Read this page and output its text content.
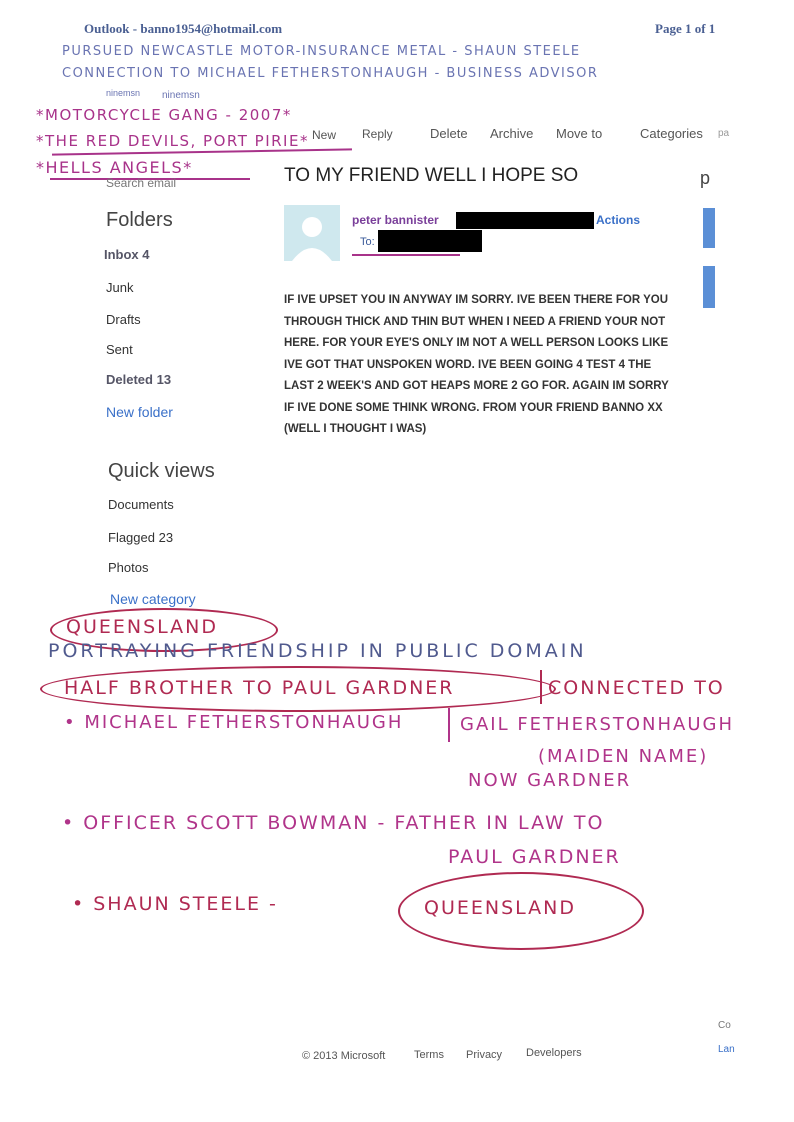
Outlook - banno1954@hotmail.com	Page 1 of 1
PURSUED NEWCASTLE MOTOR-INSURANCE METAL - SHAUN STEELE
CONNECTION TO MICHAEL FETHERSTONHAUGH - BUSINESS ADVISOR
ninemsn ninemsn
*MOTORCYCLE GANG - 2007*
*THE RED DEVILS, PORT PIRIE* New Reply	Delete Archive Move to	Categories pa
*HELLS ANGELS*
Search email	TO MY FRIEND WELL I HOPE SO	p
Folders
Inbox 4
Junk
Drafts
Sent
Deleted 13
New folder
Quick views
Documents
Flagged 23
Photos
New category
peter bannister	Actions
To:
IF IVE UPSET YOU IN ANYWAY IM SORRY. IVE BEEN THERE FOR YOU THROUGH THICK AND THIN BUT WHEN I NEED A FRIEND YOUR NOT HERE. FOR YOUR EYE'S ONLY IM NOT A WELL PERSON LOOKS LIKE IVE GOT THAT UNSPOKEN WORD. IVE BEEN GOING 4 TEST 4 THE LAST 2 WEEK'S AND GOT HEAPS MORE 2 GO FOR. AGAIN IM SORRY IF IVE DONE SOME THINK WRONG. FROM YOUR FRIEND BANNO XX (WELL I THOUGHT I WAS)
QUEENSLAND
PORTRAYING FRIENDSHIP IN PUBLIC DOMAIN
HALF BROTHER TO PAUL GARDNER	CONNECTED TO
• MICHAEL FETHERSTONHAUGH	GAIL FETHERSTONHAUGH
(MAIDEN NAME)
NOW GARDNER
• OFFICER SCOTT BOWMAN - FATHER IN LAW TO
PAUL GARDNER
• SHAUN STEELE -	QUEENSLAND
© 2013 Microsoft	Terms Privacy Developers
Co
Lan
